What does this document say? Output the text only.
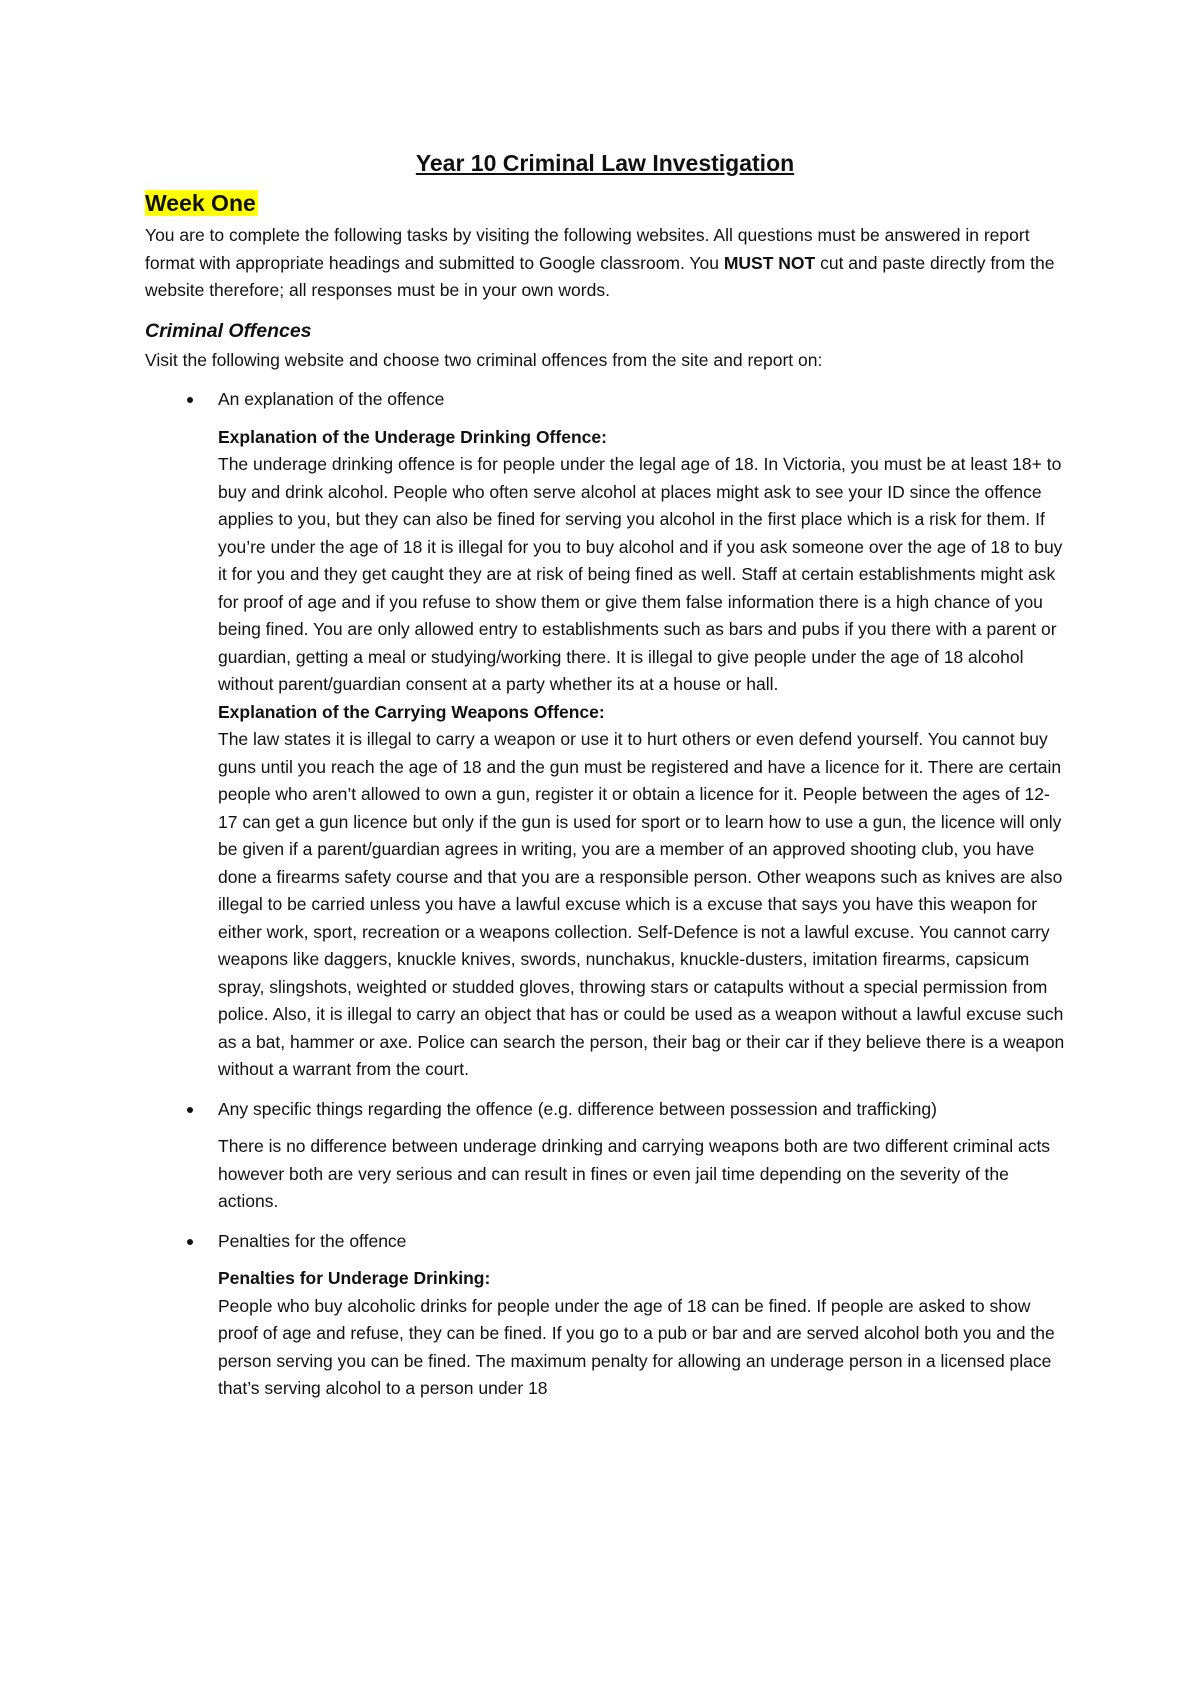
Year 10 Criminal Law Investigation
Week One

You are to complete the following tasks by visiting the following websites. All questions must be answered in report format with appropriate headings and submitted to Google classroom. You MUST NOT cut and paste directly from the website therefore; all responses must be in your own words.

Criminal Offences

Visit the following website and choose two criminal offences from the site and report on:

An explanation of the offence

Explanation of the Underage Drinking Offence:

The underage drinking offence is for people under the legal age of 18. In Victoria, you must be at least 18+ to buy and drink alcohol. People who often serve alcohol at places might ask to see your ID since the offence applies to you, but they can also be fined for serving you alcohol in the first place which is a risk for them. If you’re under the age of 18 it is illegal for you to buy alcohol and if you ask someone over the age of 18 to buy it for you and they get caught they are at risk of being fined as well. Staff at certain establishments might ask for proof of age and if you refuse to show them or give them false information there is a high chance of you being fined. You are only allowed entry to establishments such as bars and pubs if you there with a parent or guardian, getting a meal or studying/working there. It is illegal to give people under the age of 18 alcohol without parent/guardian consent at a party whether its at a house or hall.

Explanation of the Carrying Weapons Offence:

The law states it is illegal to carry a weapon or use it to hurt others or even defend yourself. You cannot buy guns until you reach the age of 18 and the gun must be registered and have a licence for it. There are certain people who aren’t allowed to own a gun, register it or obtain a licence for it. People between the ages of 12-17 can get a gun licence but only if the gun is used for sport or to learn how to use a gun, the licence will only be given if a parent/guardian agrees in writing, you are a member of an approved shooting club, you have done a firearms safety course and that you are a responsible person. Other weapons such as knives are also illegal to be carried unless you have a lawful excuse which is a excuse that says you have this weapon for either work, sport, recreation or a weapons collection. Self-Defence is not a lawful excuse. You cannot carry weapons like daggers, knuckle knives, swords, nunchakus, knuckle-dusters, imitation firearms, capsicum spray, slingshots, weighted or studded gloves, throwing stars or catapults without a special permission from police. Also, it is illegal to carry an object that has or could be used as a weapon without a lawful excuse such as a bat, hammer or axe. Police can search the person, their bag or their car if they believe there is a weapon without a warrant from the court.

Any specific things regarding the offence (e.g. difference between possession and trafficking)

There is no difference between underage drinking and carrying weapons both are two different criminal acts however both are very serious and can result in fines or even jail time depending on the severity of the actions.

Penalties for the offence

Penalties for Underage Drinking:

People who buy alcoholic drinks for people under the age of 18 can be fined. If people are asked to show proof of age and refuse, they can be fined. If you go to a pub or bar and are served alcohol both you and the person serving you can be fined. The maximum penalty for allowing an underage person in a licensed place that’s serving alcohol to a person under 18
